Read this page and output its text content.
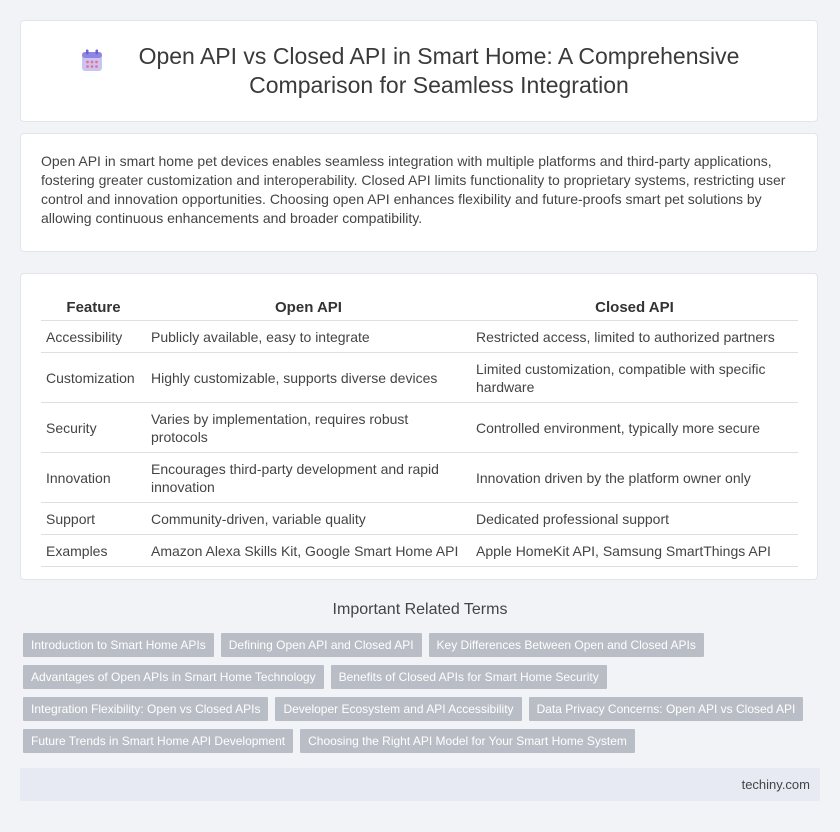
Open API vs Closed API in Smart Home: A Comprehensive Comparison for Seamless Integration

Open API in smart home pet devices enables seamless integration with multiple platforms and third-party applications, fostering greater customization and interoperability. Closed API limits functionality to proprietary systems, restricting user control and innovation opportunities. Choosing open API enhances flexibility and future-proofs smart pet solutions by allowing continuous enhancements and broader compatibility.

Feature	Open API	Closed API
Accessibility	Publicly available, easy to integrate	Restricted access, limited to authorized partners
Customization	Highly customizable, supports diverse devices	Limited customization, compatible with specific hardware
Security	Varies by implementation, requires robust protocols	Controlled environment, typically more secure
Innovation	Encourages third-party development and rapid innovation	Innovation driven by the platform owner only
Support	Community-driven, variable quality	Dedicated professional support
Examples	Amazon Alexa Skills Kit, Google Smart Home API	Apple HomeKit API, Samsung SmartThings API
Important Related Terms
Introduction to Smart Home APIs	Defining Open API and Closed API	Key Differences Between Open and Closed APIs
Advantages of Open APIs in Smart Home Technology	Benefits of Closed APIs for Smart Home Security
Integration Flexibility: Open vs Closed APIs	Developer Ecosystem and API Accessibility	Data Privacy Concerns: Open API vs Closed API
Future Trends in Smart Home API Development	Choosing the Right API Model for Your Smart Home System
techiny.com
